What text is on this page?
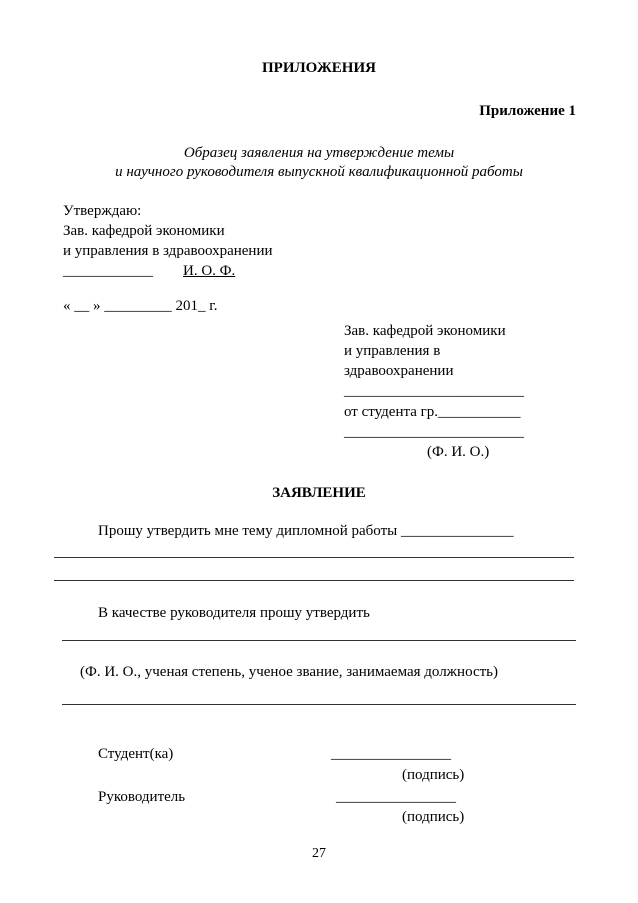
ПРИЛОЖЕНИЯ
Приложение 1
Образец заявления на утверждение темы
и научного руководителя выпускной квалификационной работы
Утверждаю:
Зав. кафедрой экономики
и управления в здравоохранении
____________ И. О. Ф.
« __ » _________ 201_ г.
Зав. кафедрой экономики
и управления в
здравоохранении
________________________
от студента гр.___________
________________________
(Ф. И. О.)
ЗАЯВЛЕНИЕ
Прошу утвердить мне тему дипломной работы _______________
В качестве руководителя прошу утвердить
(Ф. И. О., ученая степень, ученое звание, занимаемая должность)
Студент(ка)	________________
(подпись)
Руководитель	________________
(подпись)
27
